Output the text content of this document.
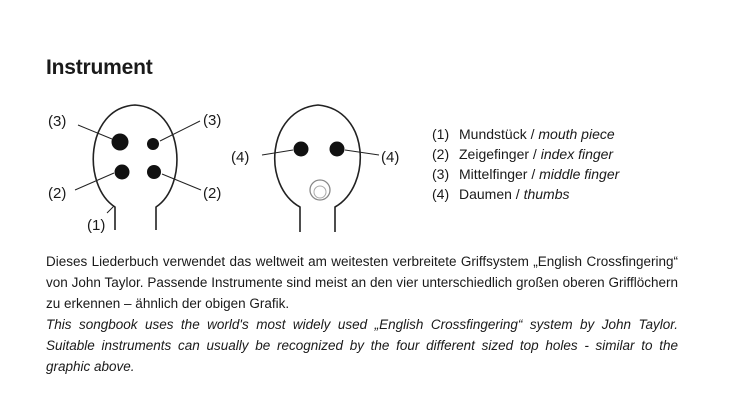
Instrument
(3)	(3)
(2)	(2)
(1)
(4)	(4)
(1) Mundstück / mouth piece
(2) Zeigefinger / index finger
(3) Mittelfinger / middle finger
(4) Daumen / thumbs

Dieses Liederbuch verwendet das weltweit am weitesten verbreitete Griffsystem „English Crossfingering“ von John Taylor. Passende Instrumente sind meist an den vier unterschiedlich großen oberen Grifflöchern zu erkennen – ähnlich der obigen Grafik.

This songbook uses the world's most widely used „English Crossfingering“ system by John Taylor. Suitable instruments can usually be recognized by the four different sized top holes - similar to the graphic above.
